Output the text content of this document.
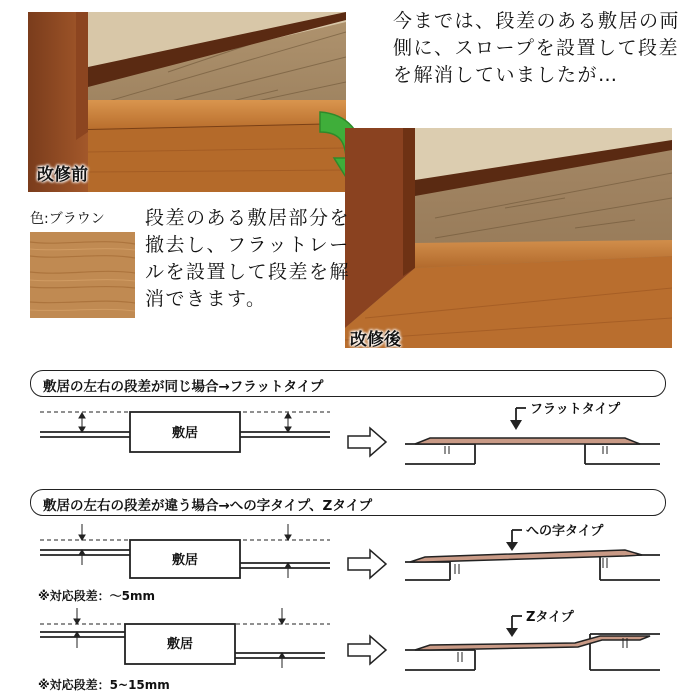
改修前
今までは、段差のある敷居の両側に、スロープを設置して段差を解消していましたが…
改修後
色:ブラウン 段差のある敷居部分を撤去し、フラットレールを設置して段差を解消できます。
敷居の左右の段差が同じ場合→フラットタイプ
敷居
フラットタイプ
敷居の左右の段差が違う場合→への字タイプ、Zタイプ
敷居
への字タイプ
※対応段差：～5mm
敷居
Zタイプ
※対応段差：5~15mm
